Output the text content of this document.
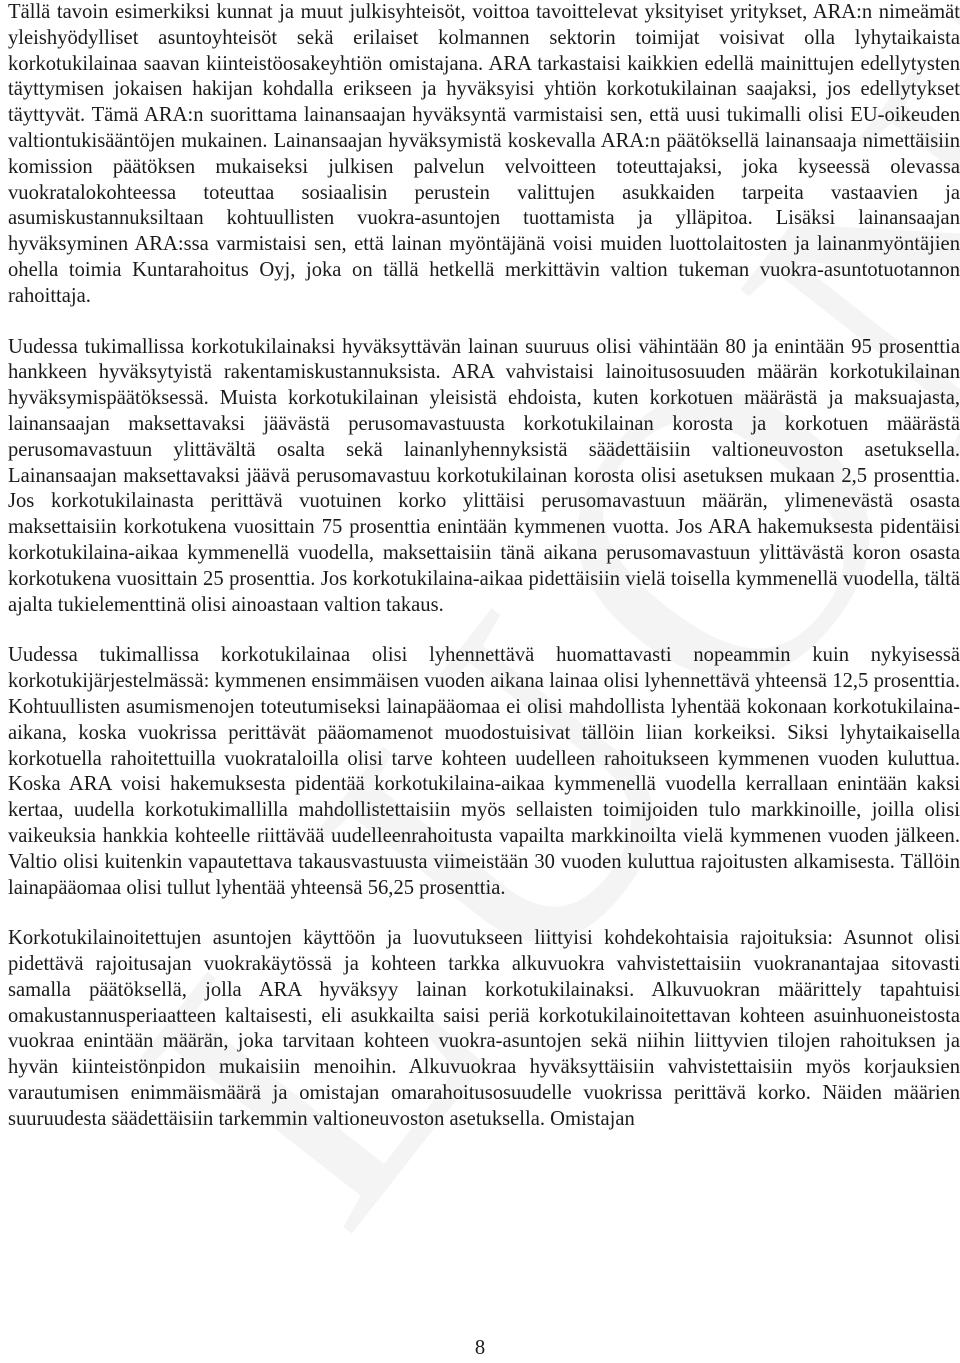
Tällä tavoin esimerkiksi kunnat ja muut julkisyhteisöt, voittoa tavoittelevat yksityiset yritykset, ARA:n nimeämät yleishyödylliset asuntoyhteisöt sekä erilaiset kolmannen sektorin toimijat voisivat olla lyhytaikaista korkotukilainaa saavan kiinteistöosakeyhtiön omistajana. ARA tarkastaisi kaikkien edellä mainittujen edellytysten täyttymisen jokaisen hakijan kohdalla erikseen ja hyväksyisi yhtiön korkotukilainan saajaksi, jos edellytykset täyttyvät. Tämä ARA:n suorittama lainansaajan hyväksyntä varmistaisi sen, että uusi tukimalli olisi EU-oikeuden valtiontukisääntöjen mukainen. Lainansaajan hyväksymistä koskevalla ARA:n päätöksellä lainansaaja nimettäisiin komission päätöksen mukaiseksi julkisen palvelun velvoitteen toteuttajaksi, joka kyseessä olevassa vuokratalokohteessa toteuttaa sosiaalisin perustein valittujen asukkaiden tarpeita vastaavien ja asumiskustannuksiltaan kohtuullisten vuokra-asuntojen tuottamista ja ylläpitoa. Lisäksi lainansaajan hyväksyminen ARA:ssa varmistaisi sen, että lainan myöntäjänä voisi muiden luottolaitosten ja lainanmyöntäjien ohella toimia Kuntarahoitus Oyj, joka on tällä hetkellä merkittävin valtion tukeman vuokra-asuntotuotannon rahoittaja.

Uudessa tukimallissa korkotukilainaksi hyväksyttävän lainan suuruus olisi vähintään 80 ja enintään 95 prosenttia hankkeen hyväksytyistä rakentamiskustannuksista. ARA vahvistaisi lainoitusosuuden määrän korkotukilainan hyväksymispäätöksessä. Muista korkotukilainan yleisistä ehdoista, kuten korkotuen määrästä ja maksuajasta, lainansaajan maksettavaksi jäävästä perusomavastuusta korkotukilainan korosta ja korkotuen määrästä perusomavastuun ylittävältä osalta sekä lainanlyhennyksistä säädettäisiin valtioneuvoston asetuksella. Lainansaajan maksettavaksi jäävä perusomavastuu korkotukilainan korosta olisi asetuksen mukaan 2,5 prosenttia. Jos korkotukilainasta perittävä vuotuinen korko ylittäisi perusomavastuun määrän, ylimenevästä osasta maksettaisiin korkotukena vuosittain 75 prosenttia enintään kymmenen vuotta. Jos ARA hakemuksesta pidentäisi korkotukilaina-aikaa kymmenellä vuodella, maksettaisiin tänä aikana perusomavastuun ylittävästä koron osasta korkotukena vuosittain 25 prosenttia. Jos korkotukilaina-aikaa pidettäisiin vielä toisella kymmenellä vuodella, tältä ajalta tukielementtinä olisi ainoastaan valtion takaus.

Uudessa tukimallissa korkotukilainaa olisi lyhennettävä huomattavasti nopeammin kuin nykyisessä korkotukijärjestelmässä: kymmenen ensimmäisen vuoden aikana lainaa olisi lyhennettävä yhteensä 12,5 prosenttia. Kohtuullisten asumismenojen toteutumiseksi lainapääomaa ei olisi mahdollista lyhentää kokonaan korkotukilaina-aikana, koska vuokrissa perittävät pääomamenot muodostuisivat tällöin liian korkeiksi. Siksi lyhytaikaisella korkotuella rahoitettuilla vuokrataloilla olisi tarve kohteen uudelleen rahoitukseen kymmenen vuoden kuluttua. Koska ARA voisi hakemuksesta pidentää korkotukilaina-aikaa kymmenellä vuodella kerrallaan enintään kaksi kertaa, uudella korkotukimallilla mahdollistettaisiin myös sellaisten toimijoiden tulo markkinoille, joilla olisi vaikeuksia hankkia kohteelle riittävää uudelleenrahoitusta vapailta markkinoilta vielä kymmenen vuoden jälkeen. Valtio olisi kuitenkin vapautettava takausvastuusta viimeistään 30 vuoden kuluttua rajoitusten alkamisesta. Tällöin lainapääomaa olisi tullut lyhentää yhteensä 56,25 prosenttia.

Korkotukilainoitettujen asuntojen käyttöön ja luovutukseen liittyisi kohdekohtaisia rajoituksia: Asunnot olisi pidettävä rajoitusajan vuokrakäytössä ja kohteen tarkka alkuvuokra vahvistettaisiin vuokranantajaa sitovasti samalla päätöksellä, jolla ARA hyväksyy lainan korkotukilainaksi. Alkuvuokran määrittely tapahtuisi omakustannusperiaatteen kaltaisesti, eli asukkailta saisi periä korkotukilainoitettavan kohteen asuinhuoneistosta vuokraa enintään määrän, joka tarvitaan kohteen vuokra-asuntojen sekä niihin liittyvien tilojen rahoituksen ja hyvän kiinteistönpidon mukaisiin menoihin. Alkuvuokraa hyväksyttäisiin vahvistettaisiin myös korjauksien varautumisen enimmäismäärä ja omistajan omarahoitusosuudelle vuokrissa perittävä korko. Näiden määrien suuruudesta säädettäisiin tarkemmin valtioneuvoston asetuksella. Omistajan

8
